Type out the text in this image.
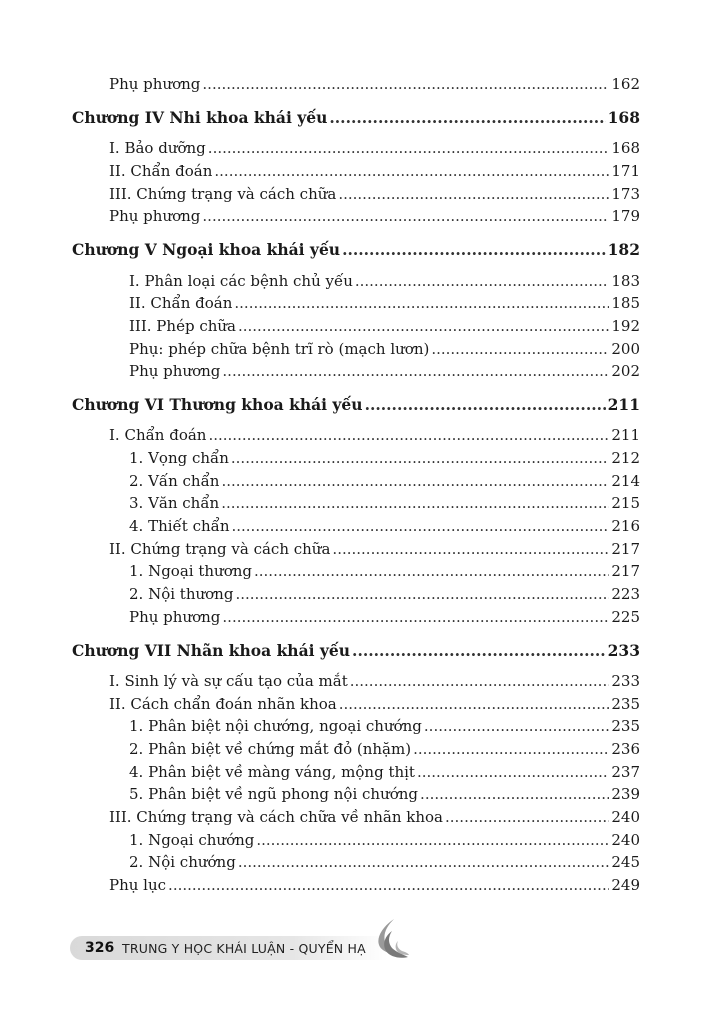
Phụ phương .....	162
Chương IV Nhi khoa khái yếu .....	168
I. Bảo dưỡng .....	168
II. Chẩn đoán .....	171
III. Chứng trạng và cách chữa .....	173
Phụ phương .....	179
Chương V Ngoại khoa khái yếu .....	182
I. Phân loại các bệnh chủ yếu .....	183
II. Chẩn đoán .....	185
III. Phép chữa .....	192
Phụ: phép chữa bệnh trĩ rò (mạch lươn) .....	200
Phụ phương .....	202
Chương VI Thương khoa khái yếu .....	211
I. Chẩn đoán .....	211
1. Vọng chẩn .....	212
2. Vấn chẩn .....	214
3. Văn chẩn .....	215
4. Thiết chẩn .....	216
II. Chứng trạng và cách chữa .....	217
1. Ngoại thương .....	217
2. Nội thương .....	223
Phụ phương .....	225
Chương VII Nhãn khoa khái yếu .....	233
I. Sinh lý và sự cấu tạo của mắt .....	233
II. Cách chẩn đoán nhãn khoa .....	235
1. Phân biệt nội chướng, ngoại chướng .....	235
2. Phân biệt về chứng mắt đỏ (nhặm) .....	236
4. Phân biệt về màng váng, mộng thịt .....	237
5. Phân biệt về ngũ phong nội chướng .....	239
III. Chứng trạng và cách chữa về nhãn khoa .....	240
1. Ngoại chướng .....	240
2. Nội chướng .....	245
Phụ lục .....	249
326 TRUNG Y HỌC KHÁI LUẬN - QUYỂN HẠ
